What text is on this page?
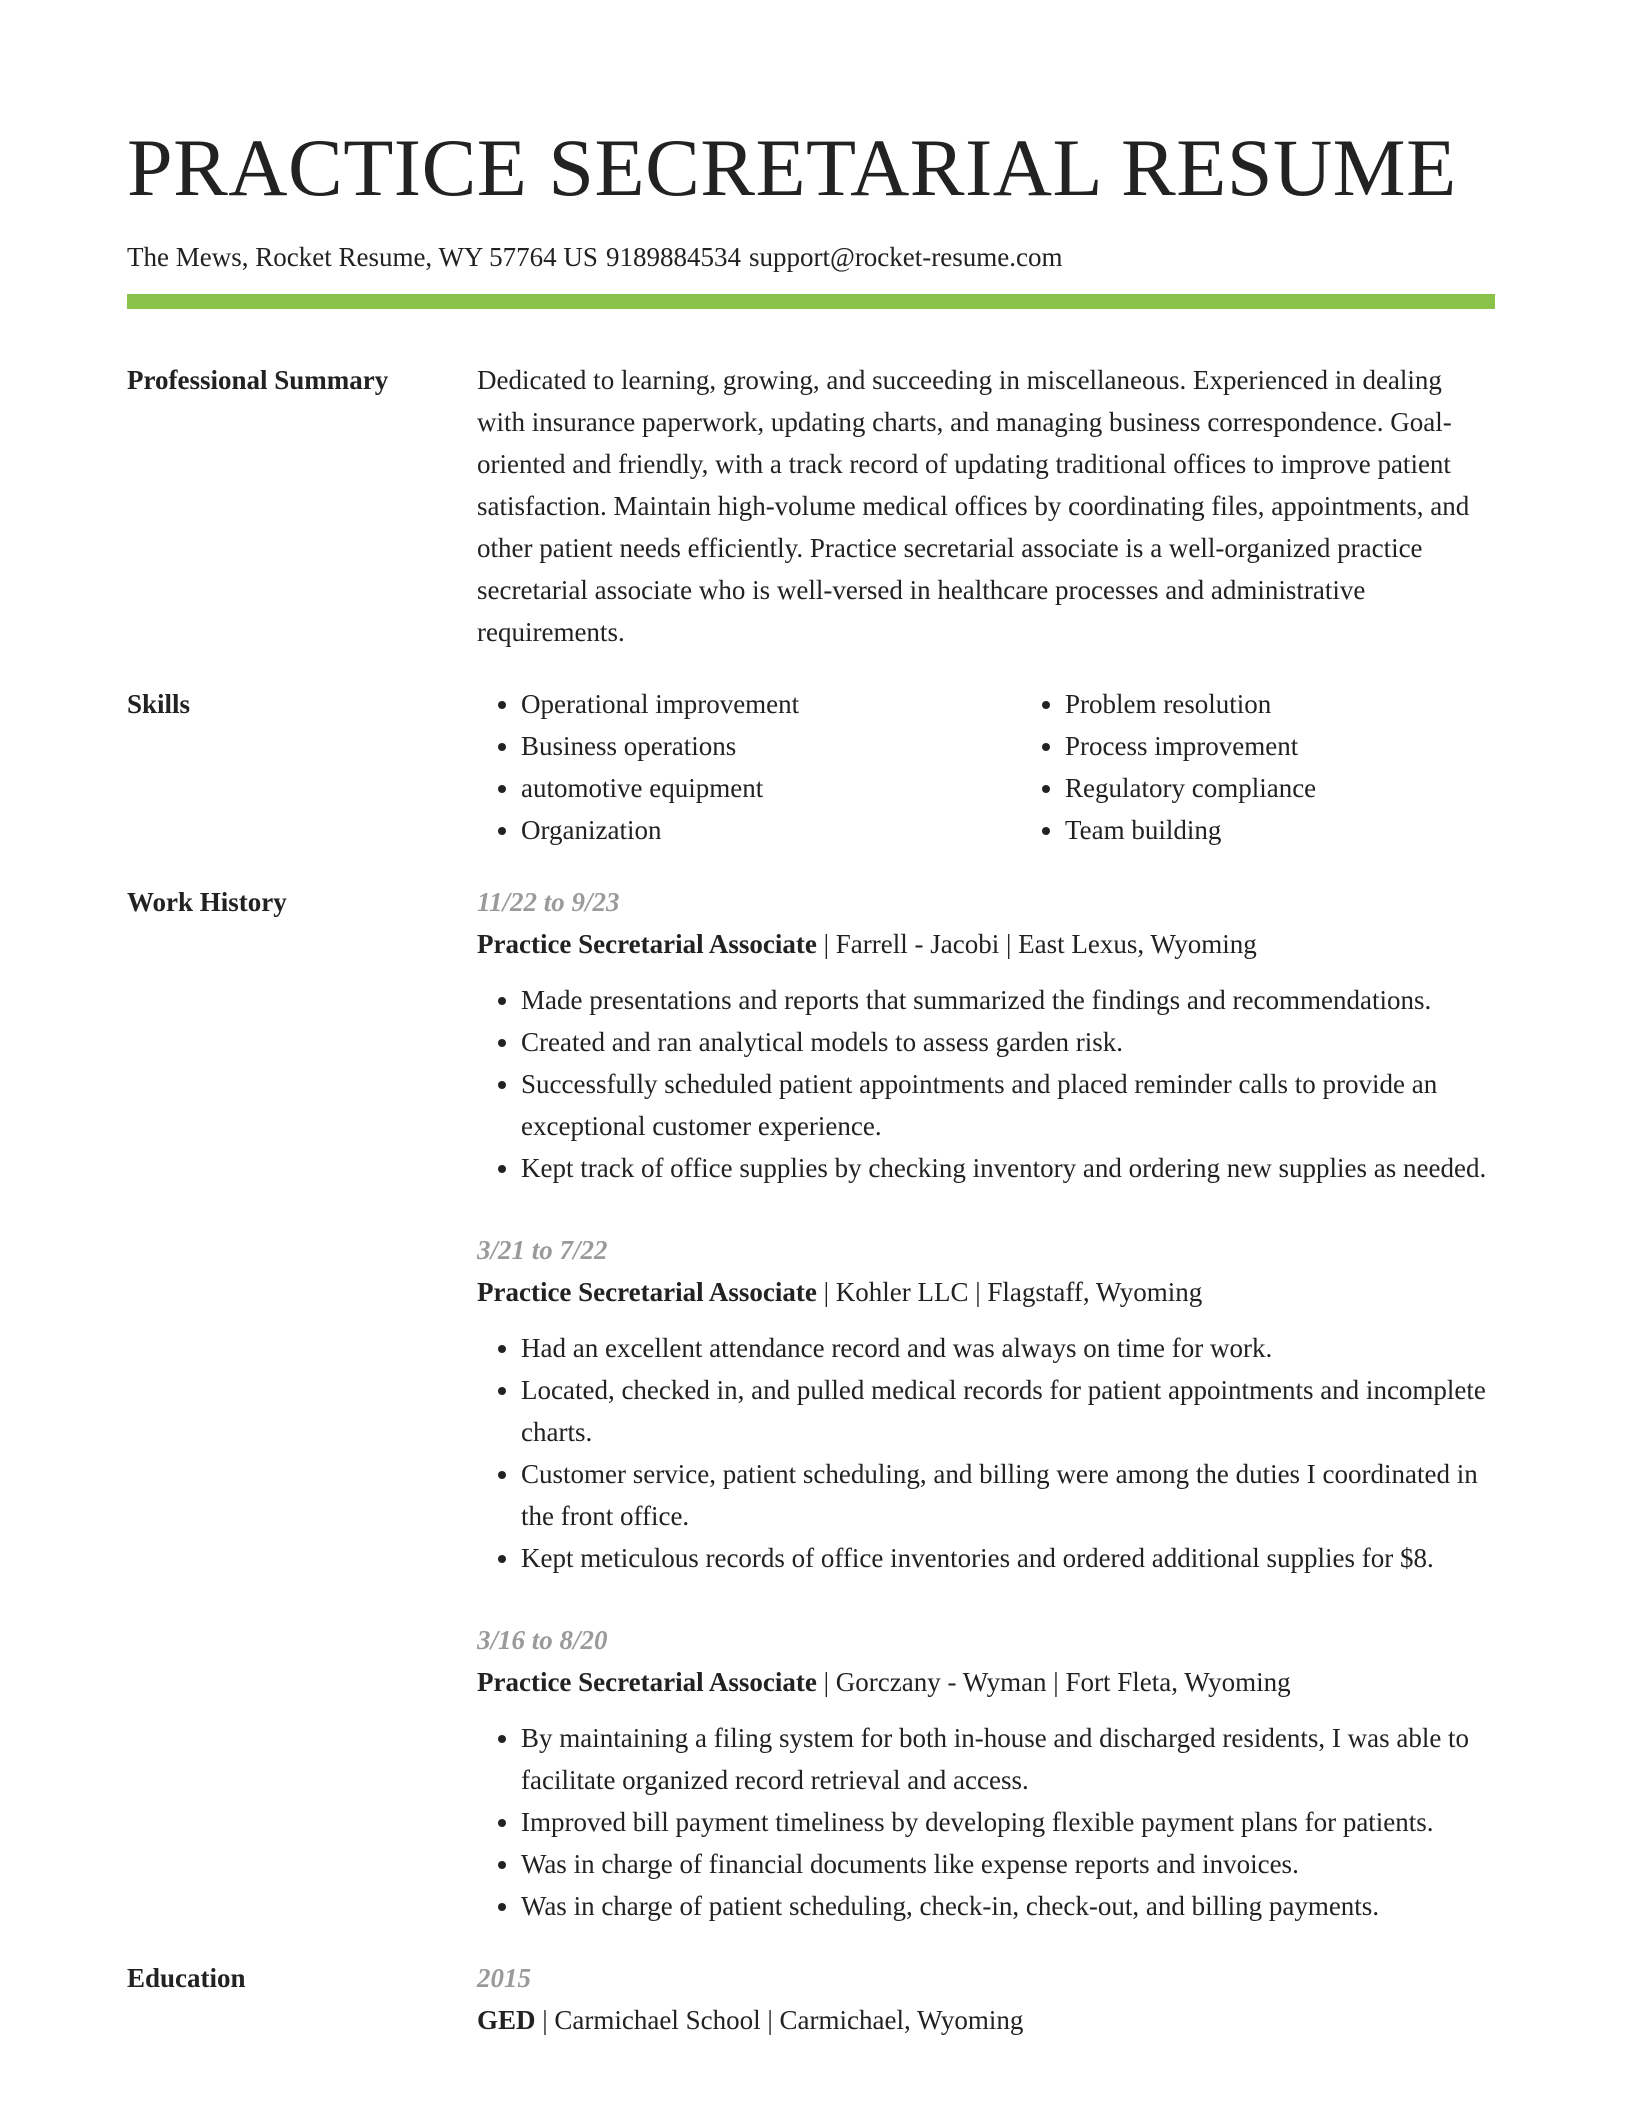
PRACTICE SECRETARIAL RESUME
The Mews, Rocket Resume, WY 57764 US 9189884534 support@rocket-resume.com
Professional Summary	Dedicated to learning, growing, and succeeding in miscellaneous. Experienced in dealing with insurance paperwork, updating charts, and managing business correspondence. Goal-oriented and friendly, with a track record of updating traditional offices to improve patient satisfaction. Maintain high-volume medical offices by coordinating files, appointments, and other patient needs efficiently. Practice secretarial associate is a well-organized practice secretarial associate who is well-versed in healthcare processes and administrative requirements.
Skills
•	Operational improvement
• Business operations
• automotive equipment
• Organization
• Problem resolution
• Process improvement
• Regulatory compliance
• Team building
Work History	11/22 to 9/23
Practice Secretarial Associate | Farrell - Jacobi | East Lexus, Wyoming
• Made presentations and reports that summarized the findings and recommendations.
• Created and ran analytical models to assess garden risk.
• Successfully scheduled patient appointments and placed reminder calls to provide an exceptional customer experience.
• Kept track of office supplies by checking inventory and ordering new supplies as needed.
3/21 to 7/22
Practice Secretarial Associate | Kohler LLC | Flagstaff, Wyoming
• Had an excellent attendance record and was always on time for work.
• Located, checked in, and pulled medical records for patient appointments and incomplete charts.
• Customer service, patient scheduling, and billing were among the duties I coordinated in the front office.
• Kept meticulous records of office inventories and ordered additional supplies for $8.
3/16 to 8/20
Practice Secretarial Associate | Gorczany - Wyman | Fort Fleta, Wyoming
• By maintaining a filing system for both in-house and discharged residents, I was able to facilitate organized record retrieval and access.
• Improved bill payment timeliness by developing flexible payment plans for patients.
• Was in charge of financial documents like expense reports and invoices.
• Was in charge of patient scheduling, check-in, check-out, and billing payments.
Education	2015
GED | Carmichael School | Carmichael, Wyoming
